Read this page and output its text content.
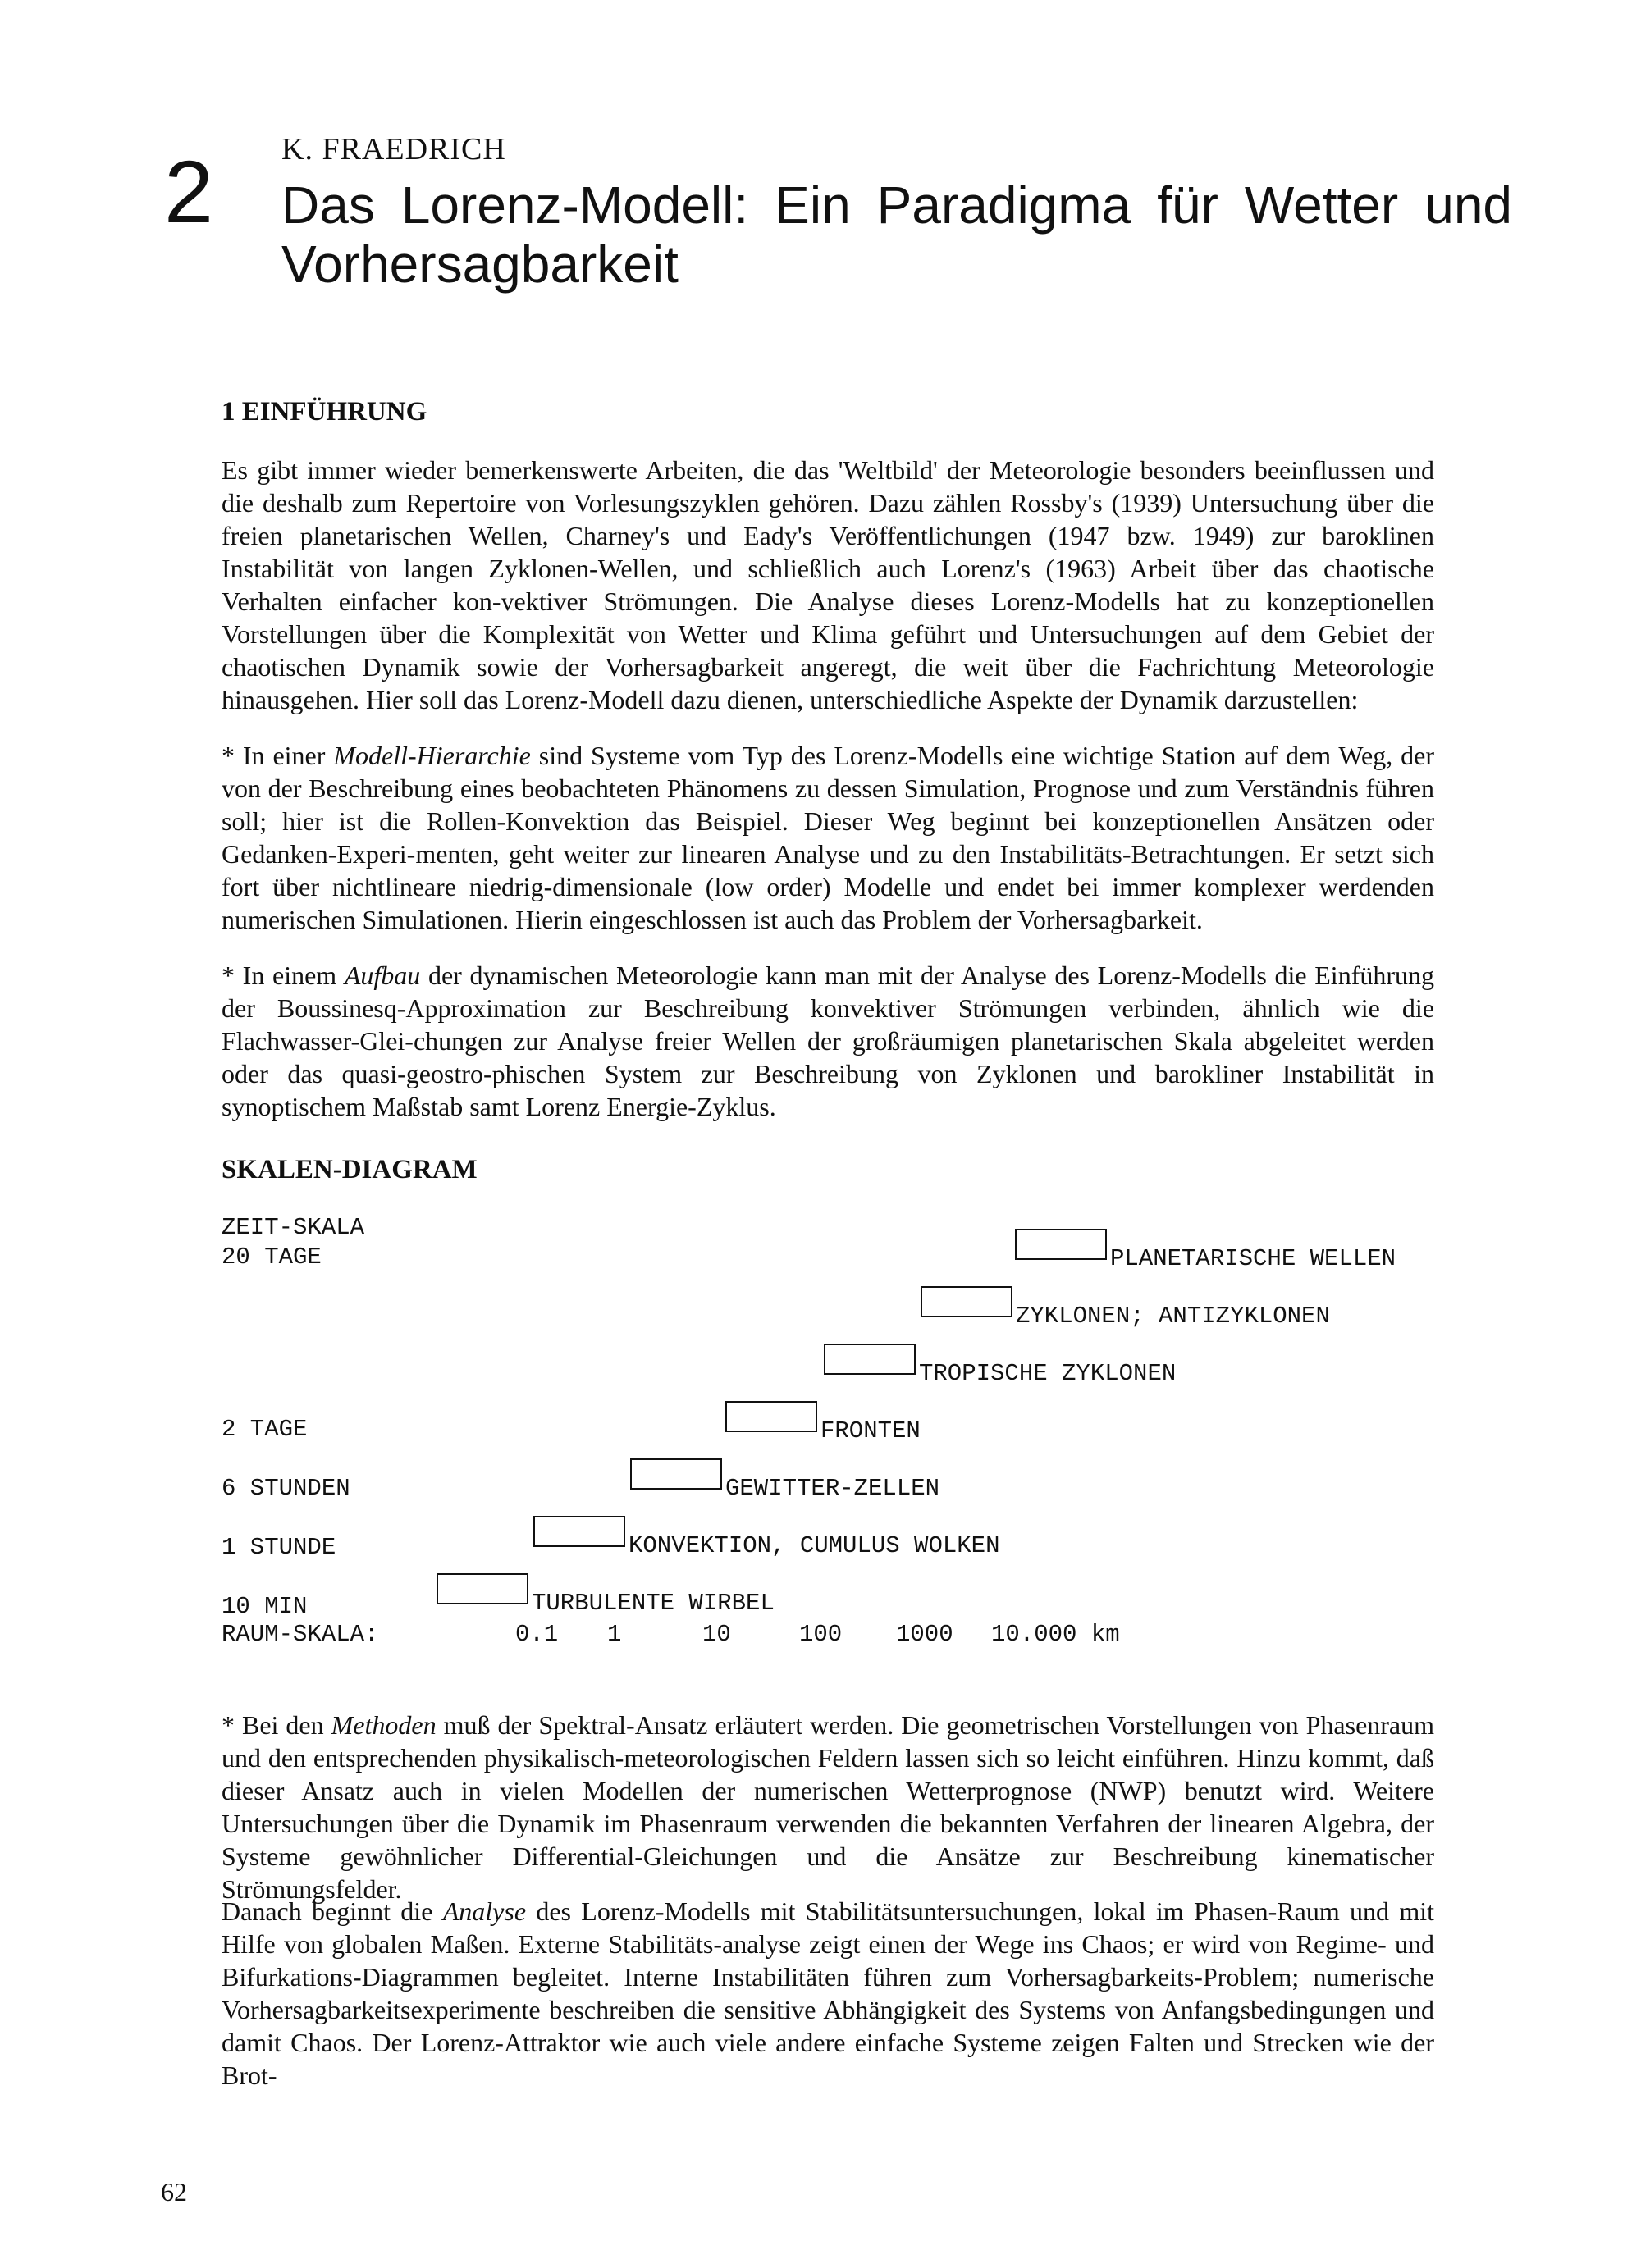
2 K. FRAEDRICH
Das Lorenz-Modell: Ein Paradigma für Wetter und
Vorhersagbarkeit
1 EINFÜHRUNG

Es gibt immer wieder bemerkenswerte Arbeiten, die das 'Weltbild' der Meteorologie besonders beeinflussen und die deshalb zum Repertoire von Vorlesungszyklen gehören. Dazu zählen Rossby's (1939) Untersuchung über die freien planetarischen Wellen, Charney's und Eady's Veröffentlichungen (1947 bzw. 1949) zur baroklinen Instabilität von langen Zyklonen-Wellen, und schließlich auch Lorenz's (1963) Arbeit über das chaotische Verhalten einfacher kon-vektiver Strömungen. Die Analyse dieses Lorenz-Modells hat zu konzeptionellen Vorstellungen über die Komplexität von Wetter und Klima geführt und Untersuchungen auf dem Gebiet der chaotischen Dynamik sowie der Vorhersagbarkeit angeregt, die weit über die Fachrichtung Meteorologie hinausgehen. Hier soll das Lorenz-Modell dazu dienen, unterschiedliche Aspekte der Dynamik darzustellen:

* In einer Modell-Hierarchie sind Systeme vom Typ des Lorenz-Modells eine wichtige Station auf dem Weg, der von der Beschreibung eines beobachteten Phänomens zu dessen Simulation, Prognose und zum Verständnis führen soll; hier ist die Rollen-Konvektion das Beispiel. Dieser Weg beginnt bei konzeptionellen Ansätzen oder Gedanken-Experi-menten, geht weiter zur linearen Analyse und zu den Instabilitäts-Betrachtungen. Er setzt sich fort über nichtlineare niedrig-dimensionale (low order) Modelle und endet bei immer komplexer werdenden numerischen Simulationen. Hierin eingeschlossen ist auch das Problem der Vorhersagbarkeit.

* In einem Aufbau der dynamischen Meteorologie kann man mit der Analyse des Lorenz-Modells die Einführung der Boussinesq-Approximation zur Beschreibung konvektiver Strömungen verbinden, ähnlich wie die Flachwasser-Glei-chungen zur Analyse freier Wellen der großräumigen planetarischen Skala abgeleitet werden oder das quasi-geostro-phischen System zur Beschreibung von Zyklonen und barokliner Instabilität in synoptischem Maßstab samt Lorenz Energie-Zyklus.

SKALEN-DIAGRAM
ZEIT-SKALA
20 TAGE
2 TAGE
6 STUNDEN
1 STUNDE
10 MIN
PLANETARISCHE WELLEN
ZYKLONEN; ANTIZYKLONEN
TROPISCHE ZYKLONEN
FRONTEN
GEWITTER-ZELLEN
KONVEKTION, CUMULUS WOLKEN
TURBULENTE WIRBEL
RAUM-SKALA:	0.1 1	10	100 1000 10.000 km

* Bei den Methoden muß der Spektral-Ansatz erläutert werden. Die geometrischen Vorstellungen von Phasenraum und den entsprechenden physikalisch-meteorologischen Feldern lassen sich so leicht einführen. Hinzu kommt, daß dieser Ansatz auch in vielen Modellen der numerischen Wetterprognose (NWP) benutzt wird. Weitere Untersuchungen über die Dynamik im Phasenraum verwenden die bekannten Verfahren der linearen Algebra, der Systeme gewöhnlicher Differential-Gleichungen und die Ansätze zur Beschreibung kinematischer Strömungsfelder.

Danach beginnt die Analyse des Lorenz-Modells mit Stabilitätsuntersuchungen, lokal im Phasen-Raum und mit Hilfe von globalen Maßen. Externe Stabilitäts-analyse zeigt einen der Wege ins Chaos; er wird von Regime- und Bifurkations-Diagrammen begleitet. Interne Instabilitäten führen zum Vorhersagbarkeits-Problem; numerische Vorhersagbarkeitsexperimente beschreiben die sensitive Abhängigkeit des Systems von Anfangsbedingungen und damit Chaos. Der Lorenz-Attraktor wie auch viele andere einfache Systeme zeigen Falten und Strecken wie der Brot-

62
